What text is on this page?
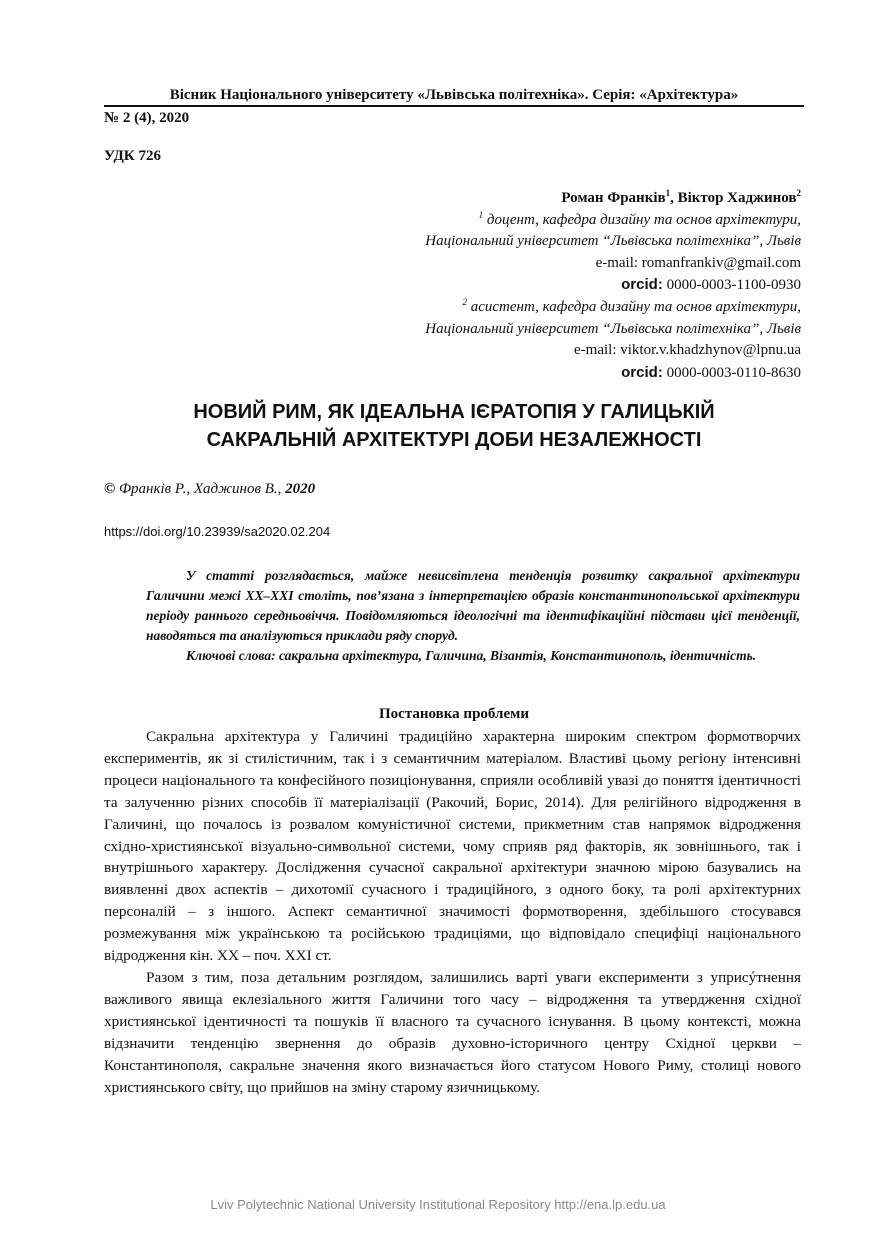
Вісник Національного університету «Львівська політехніка». Серія: «Архітектура»
№ 2 (4), 2020
УДК 726
Роман Франків$^1$, Віктор Хаджинов$^2$
$^1$ доцент, кафедра дизайну та основ архітектури,
Національний університет “Львівська політехніка”, Львів
e-mail: romanfrankiv@gmail.com
orcid: 0000-0003-1100-0930
$^2$ асистент, кафедра дизайну та основ архітектури,
Національний університет “Львівська політехніка”, Львів
e-mail: viktor.v.khadzhynov@lpnu.ua
orcid: 0000-0003-0110-8630
НОВИЙ РИМ, ЯК ІДЕАЛЬНА ІЄРАТОПІЯ У ГАЛИЦЬКІЙ
САКРАЛЬНІЙ АРХІТЕКТУРІ ДОБИ НЕЗАЛЕЖНОСТІ
© Франків Р., Хаджинов В., 2020
https://doi.org/10.23939/sa2020.02.204

У статті розглядається, майже невисвітлена тенденція розвитку сакральної архітектури Галичини межі ХХ–ХХІ століть, пов’язана з інтерпретацією образів константинопольської архітектури періоду раннього середньовіччя. Повідомляються ідеологічні та ідентифікаційні підстави цієї тенденції, наводяться та аналізуються приклади ряду споруд.

Ключові слова: сакральна архітектура, Галичина, Візантія, Константинополь, ідентичність.

Постановка проблеми

Сакральна архітектура у Галичині традиційно характерна широким спектром формотворчих експериментів, як зі стилістичним, так і з семантичним матеріалом. Властиві цьому регіону інтенсивні процеси національного та конфесійного позиціонування, сприяли особливій увазі до поняття ідентичності та залученню різних способів її матеріалізації (Ракочий, Борис, 2014). Для релігійного відродження в Галичині, що почалось із розвалом комуністичної системи, прикметним став напрямок відродження східно-християнської візуально-символьної системи, чому сприяв ряд факторів, як зовнішнього, так і внутрішнього характеру. Дослідження сучасної сакральної архітектури значною мірою базувались на виявленні двох аспектів – дихотомії сучасного і традиційного, з одного боку, та ролі архітектурних персоналій – з іншого. Аспект семантичної значимості формотворення, здебільшого стосувався розмежування між українською та російською традиціями, що відповідало специфіці національного відродження кін. ХХ – поч. ХХІ ст.

Разом з тим, поза детальним розглядом, залишились варті уваги експерименти з уприсýтнення важливого явища еклезіального життя Галичини того часу – відродження та утвердження східної християнської ідентичності та пошуків її власного та сучасного існування. В цьому контексті, можна відзначити тенденцію звернення до образів духовно-історичного центру Східної церкви – Константинополя, сакральне значення якого визначається його статусом Нового Риму, столиці нового християнського світу, що прийшов на зміну старому язичницькому.

Lviv Polytechnic National University Institutional Repository http://ena.lp.edu.ua
